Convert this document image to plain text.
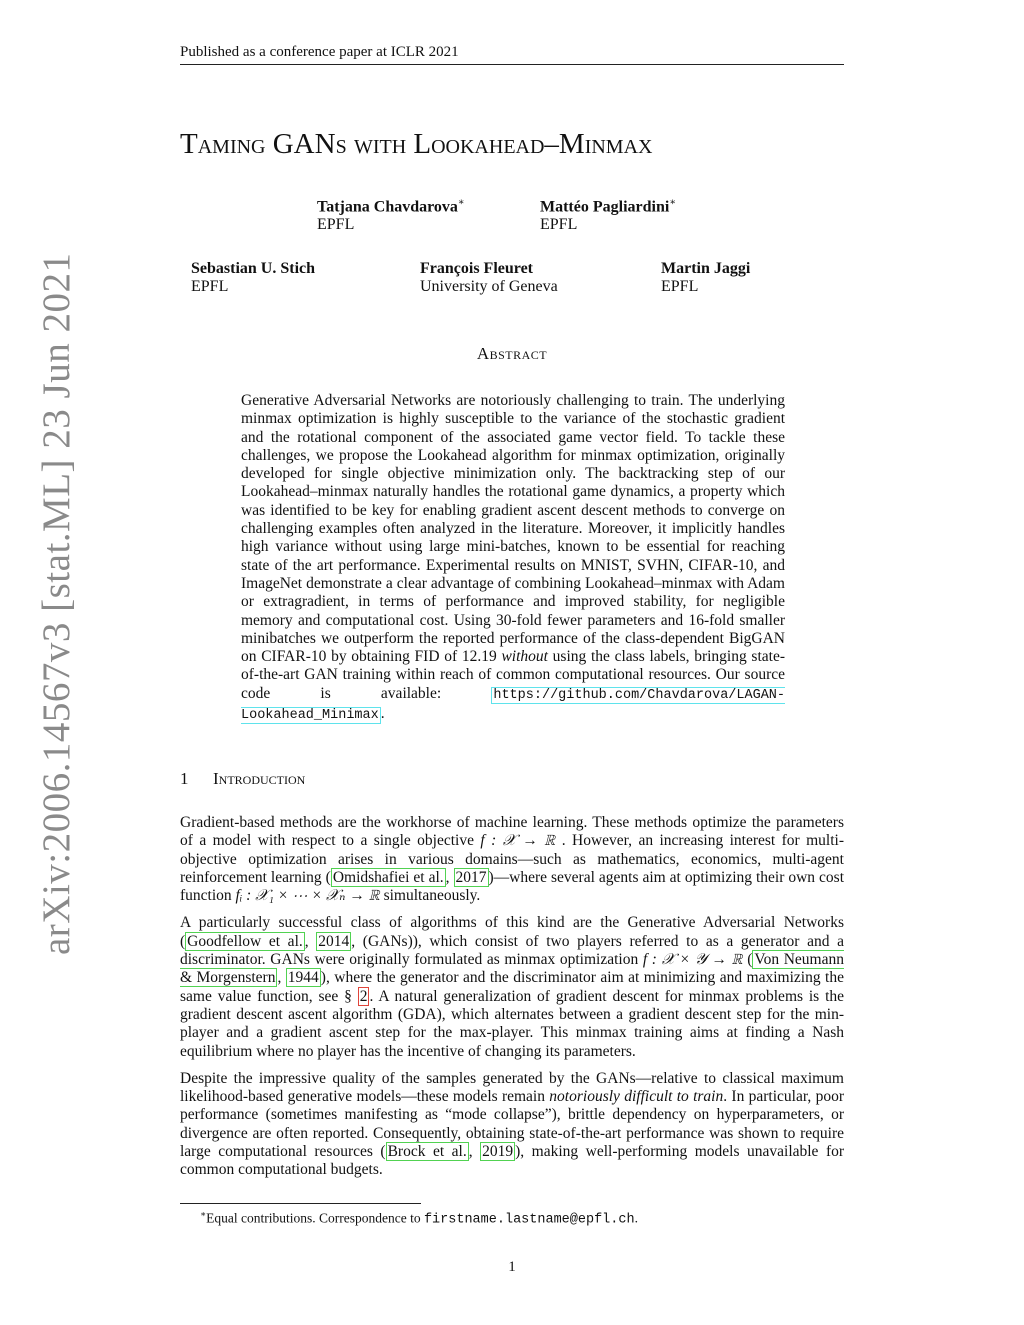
Published as a conference paper at ICLR 2021
arXiv:2006.14567v3 [stat.ML] 23 Jun 2021
Taming GANs with Lookahead–Minmax
Tatjana Chavdarova∗
EPFL
Mattéo Pagliardini∗
EPFL
Sebastian U. Stich
EPFL
François Fleuret
University of Geneva
Martin Jaggi
EPFL
Abstract
Generative Adversarial Networks are notoriously challenging to train. The underlying minmax optimization is highly susceptible to the variance of the stochastic gradient and the rotational component of the associated game vector field. To tackle these challenges, we propose the Lookahead algorithm for minmax optimization, originally developed for single objective minimization only. The backtracking step of our Lookahead–minmax naturally handles the rotational game dynamics, a property which was identified to be key for enabling gradient ascent descent methods to converge on challenging examples often analyzed in the literature. Moreover, it implicitly handles high variance without using large mini-batches, known to be essential for reaching state of the art performance. Experimental results on MNIST, SVHN, CIFAR-10, and ImageNet demonstrate a clear advantage of combining Lookahead–minmax with Adam or extragradient, in terms of performance and improved stability, for negligible memory and computational cost. Using 30-fold fewer parameters and 16-fold smaller minibatches we outperform the reported performance of the class-dependent BigGAN on CIFAR-10 by obtaining FID of 12.19 without using the class labels, bringing state-of-the-art GAN training within reach of common computational resources. Our source code is available:	https://github.com/Chavdarova/LAGAN-Lookahead_Minimax .
1 Introduction

Gradient-based methods are the workhorse of machine learning. These methods optimize the parameters of a model with respect to a single objective f : 𝒳 → ℝ . However, an increasing interest for multi-objective optimization arises in various domains—such as mathematics, economics, multi-agent reinforcement learning ( Omidshafiei et al. , 2017 )—where several agents aim at optimizing their own cost function fᵢ : 𝒳₁ × ⋯ × 𝒳ₙ → ℝ simultaneously.

A particularly successful class of algorithms of this kind are the Generative Adversarial Networks ( Goodfellow et al. , 2014 , (GANs)), which consist of two players referred to as a generator and a discriminator. GANs were originally formulated as minmax optimization f : 𝒳 × 𝒴 → ℝ ( Von Neumann & Morgenstern , 1944 ), where the generator and the discriminator aim at minimizing and maximizing the same value function, see § 2 . A natural generalization of gradient descent for minmax problems is the gradient descent ascent algorithm (GDA), which alternates between a gradient descent step for the min-player and a gradient ascent step for the max-player. This minmax training aims at finding a Nash equilibrium where no player has the incentive of changing its parameters.

Despite the impressive quality of the samples generated by the GANs—relative to classical maximum likelihood-based generative models—these models remain notoriously difficult to train. In particular, poor performance (sometimes manifesting as “mode collapse”), brittle dependency on hyperparameters, or divergence are often reported. Consequently, obtaining state-of-the-art performance was shown to require large computational resources ( Brock et al. , 2019 ), making well-performing models unavailable for common computational budgets.

∗Equal contributions. Correspondence to firstname.lastname@epfl.ch.
1
